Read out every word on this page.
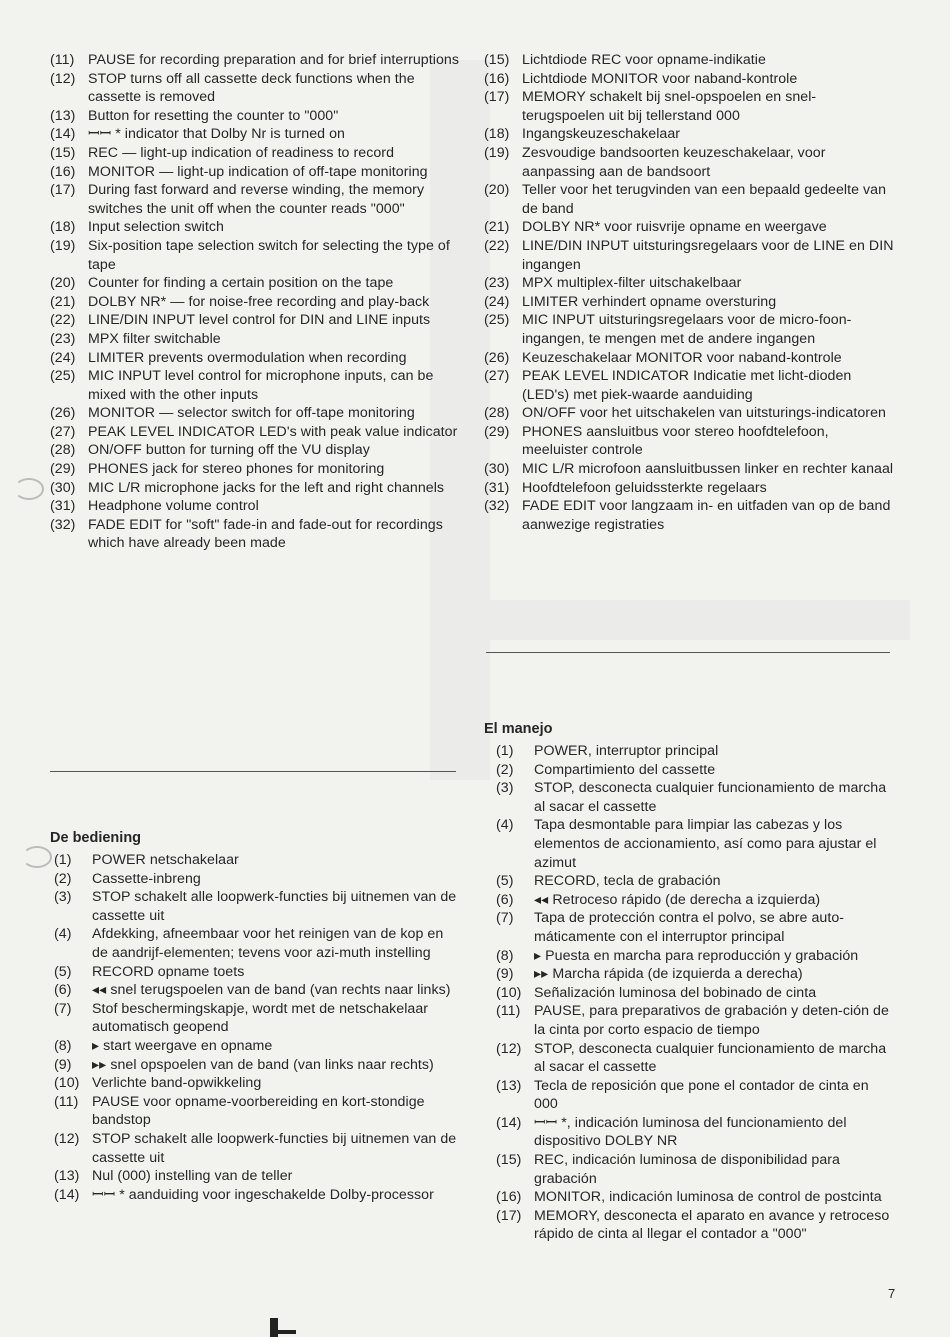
(11) PAUSE for recording preparation and for brief interruptions
(12) STOP turns off all cassette deck functions when the cassette is removed
(13) Button for resetting the counter to "000"
(14) ꟷꟷ * indicator that Dolby Nr is turned on
(15) REC — light-up indication of readiness to record
(16) MONITOR — light-up indication of off-tape monitoring
(17) During fast forward and reverse winding, the memory switches the unit off when the counter reads "000"
(18) Input selection switch
(19) Six-position tape selection switch for selecting the type of tape
(20) Counter for finding a certain position on the tape
(21) DOLBY NR* — for noise-free recording and play-back
(22) LINE/DIN INPUT level control for DIN and LINE inputs
(23) MPX filter switchable
(24) LIMITER prevents overmodulation when recording
(25) MIC INPUT level control for microphone inputs, can be mixed with the other inputs
(26) MONITOR — selector switch for off-tape monitoring
(27) PEAK LEVEL INDICATOR LED's with peak value indicator
(28) ON/OFF button for turning off the VU display
(29) PHONES jack for stereo phones for monitoring
(30) MIC L/R microphone jacks for the left and right channels
(31) Headphone volume control
(32) FADE EDIT for "soft" fade-in and fade-out for recordings which have already been made
De bediening
(1)	POWER netschakelaar
(2)	Cassette-inbreng
(3)	STOP schakelt alle loopwerk-functies bij uitnemen van de cassette uit
(4)	Afdekking, afneembaar voor het reinigen van de kop en de aandrijf-elementen; tevens voor azi-muth instelling
(5)	RECORD opname toets
(6)	◂◂ snel terugspoelen van de band (van rechts naar links)
(7)	Stof beschermingskapje, wordt met de netschakelaar automatisch geopend
(8)	▸ start weergave en opname
(9)	▸▸ snel opspoelen van de band (van links naar rechts)
(10) Verlichte band-opwikkeling
(11) PAUSE voor opname-voorbereiding en kort-stondige bandstop
(12) STOP schakelt alle loopwerk-functies bij uitnemen van de cassette uit
(13) Nul (000) instelling van de teller
(14) ꟷꟷ * aanduiding voor ingeschakelde Dolby-processor
(15) Lichtdiode REC voor opname-indikatie
(16) Lichtdiode MONITOR voor naband-kontrole
(17) MEMORY schakelt bij snel-opspoelen en snel-terugspoelen uit bij tellerstand 000
(18) Ingangskeuzeschakelaar
(19) Zesvoudige bandsoorten keuzeschakelaar, voor aanpassing aan de bandsoort
(20) Teller voor het terugvinden van een bepaald gedeelte van de band
(21) DOLBY NR* voor ruisvrije opname en weergave
(22) LINE/DIN INPUT uitsturingsregelaars voor de LINE en DIN ingangen
(23) MPX multiplex-filter uitschakelbaar
(24) LIMITER verhindert opname oversturing
(25) MIC INPUT uitsturingsregelaars voor de micro-foon-ingangen, te mengen met de andere ingangen
(26) Keuzeschakelaar MONITOR voor naband-kontrole
(27) PEAK LEVEL INDICATOR Indicatie met licht-dioden (LED's) met piek-waarde aanduiding
(28) ON/OFF voor het uitschakelen van uitsturings-indicatoren
(29) PHONES aansluitbus voor stereo hoofdtelefoon, meeluister controle
(30) MIC L/R microfoon aansluitbussen linker en rechter kanaal
(31) Hoofdtelefoon geluidssterkte regelaars
(32) FADE EDIT voor langzaam in- en uitfaden van op de band aanwezige registraties
El manejo
(1)	POWER, interruptor principal
(2)	Compartimiento del cassette
(3)	STOP, desconecta cualquier funcionamiento de marcha al sacar el cassette
(4)	Tapa desmontable para limpiar las cabezas y los elementos de accionamiento, así como para ajustar el azimut
(5)	RECORD, tecla de grabación
(6)	◂◂ Retroceso rápido (de derecha a izquierda)
(7)	Tapa de protección contra el polvo, se abre auto-máticamente con el interruptor principal
(8)	▸ Puesta en marcha para reproducción y grabación
(9)	▸▸ Marcha rápida (de izquierda a derecha)
(10) Señalización luminosa del bobinado de cinta
(11) PAUSE, para preparativos de grabación y deten-ción de la cinta por corto espacio de tiempo
(12) STOP, desconecta cualquier funcionamiento de marcha al sacar el cassette
(13) Tecla de reposición que pone el contador de cinta en 000
(14) ꟷꟷ *, indicación luminosa del funcionamiento del dispositivo DOLBY NR
(15) REC, indicación luminosa de disponibilidad para grabación
(16) MONITOR, indicación luminosa de control de postcinta
(17) MEMORY, desconecta el aparato en avance y retroceso rápido de cinta al llegar el contador a "000"
7
